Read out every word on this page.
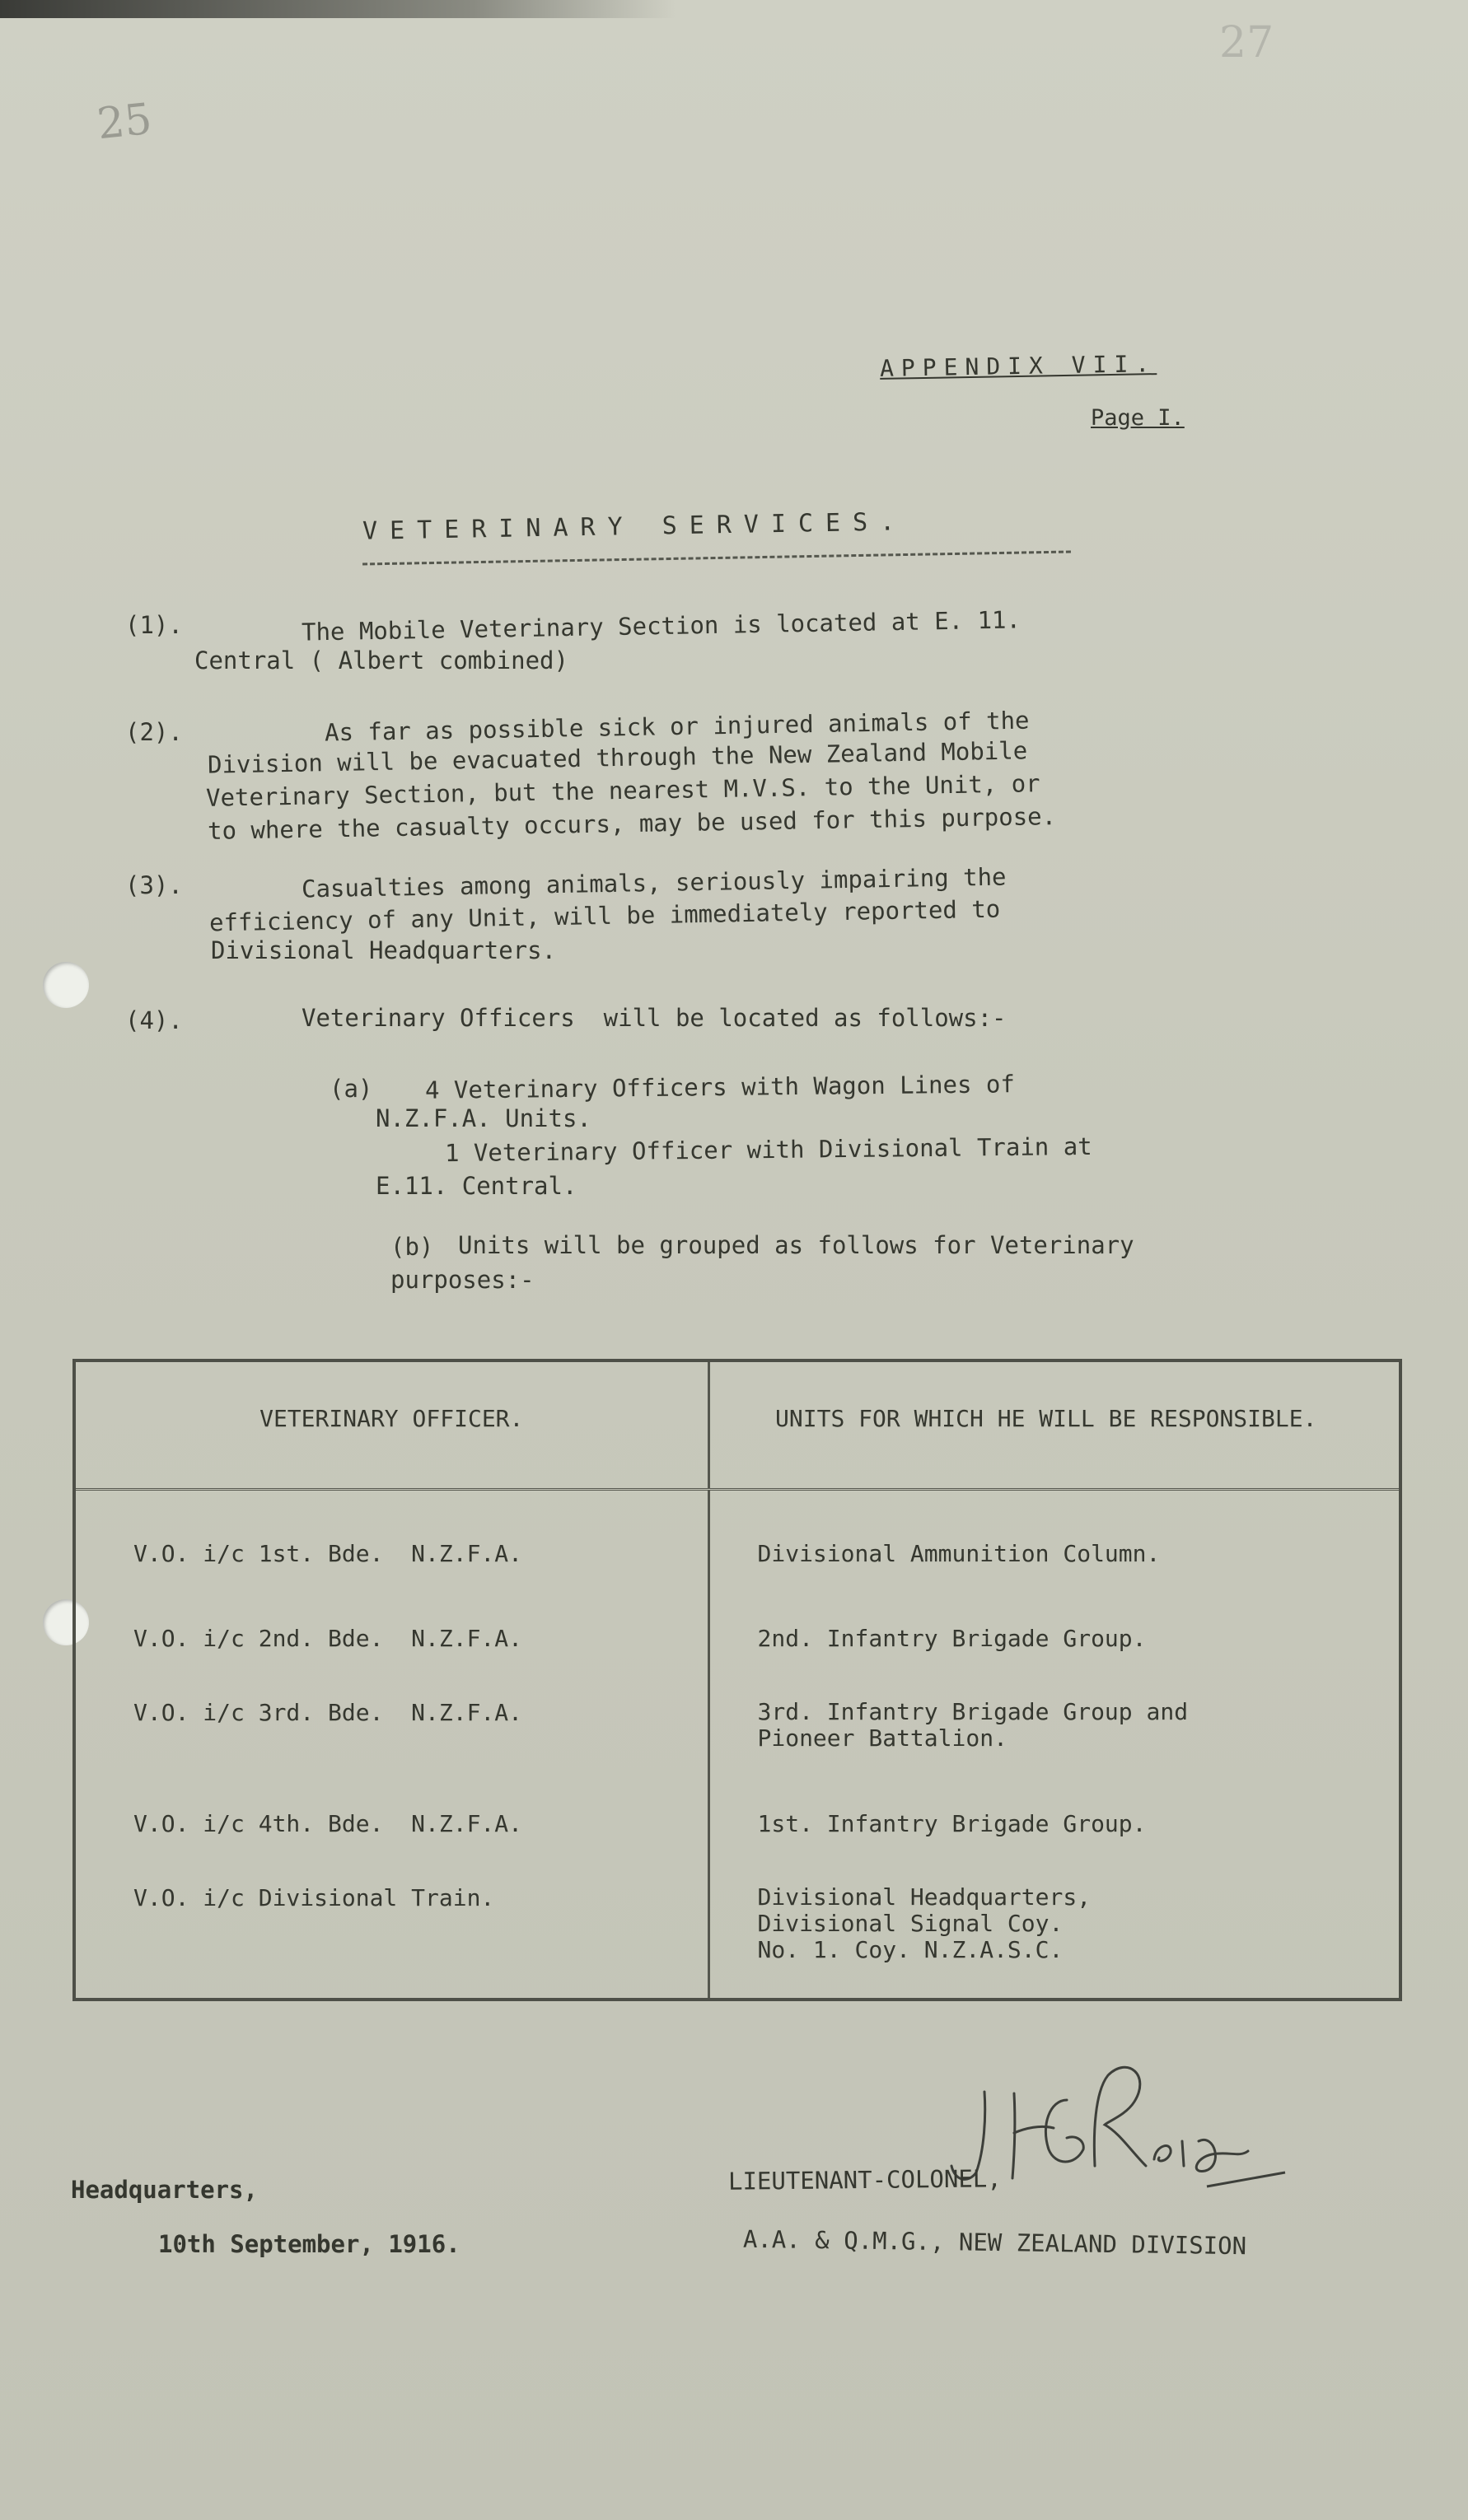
25
27
APPENDIX VII.
Page I.
VETERINARY SERVICES.
(1).	The Mobile Veterinary Section is located at E. 11.
Central ( Albert combined)
(2).	As far as possible sick or injured animals of the
Division will be evacuated through the New Zealand Mobile
Veterinary Section, but the nearest M.V.S. to the Unit, or
to where the casualty occurs, may be used for this purpose.
(3).	Casualties among animals, seriously impairing the
efficiency of any Unit, will be immediately reported to
Divisional Headquarters.
(4).	Veterinary Officers  will be located as follows:-
(a) 4 Veterinary Officers with Wagon Lines of
N.Z.F.A. Units.
1 Veterinary Officer with Divisional Train at
E.11. Central.
(b) Units will be grouped as follows for Veterinary
purposes:-
VETERINARY OFFICER.	UNITS FOR WHICH HE WILL BE RESPONSIBLE.
V.O. i/c 1st. Bde.  N.Z.F.A.	Divisional Ammunition Column.
V.O. i/c 2nd. Bde.  N.Z.F.A.	2nd. Infantry Brigade Group.
V.O. i/c 3rd. Bde.  N.Z.F.A.	3rd. Infantry Brigade Group and
Pioneer Battalion.
V.O. i/c 4th. Bde.  N.Z.F.A.	1st. Infantry Brigade Group.
V.O. i/c Divisional Train.	Divisional Headquarters,
Divisional Signal Coy.
No. 1. Coy. N.Z.A.S.C.
LIEUTENANT-COLONEL,
A.A. & Q.M.G., NEW ZEALAND DIVISION
Headquarters,
10th September, 1916.
